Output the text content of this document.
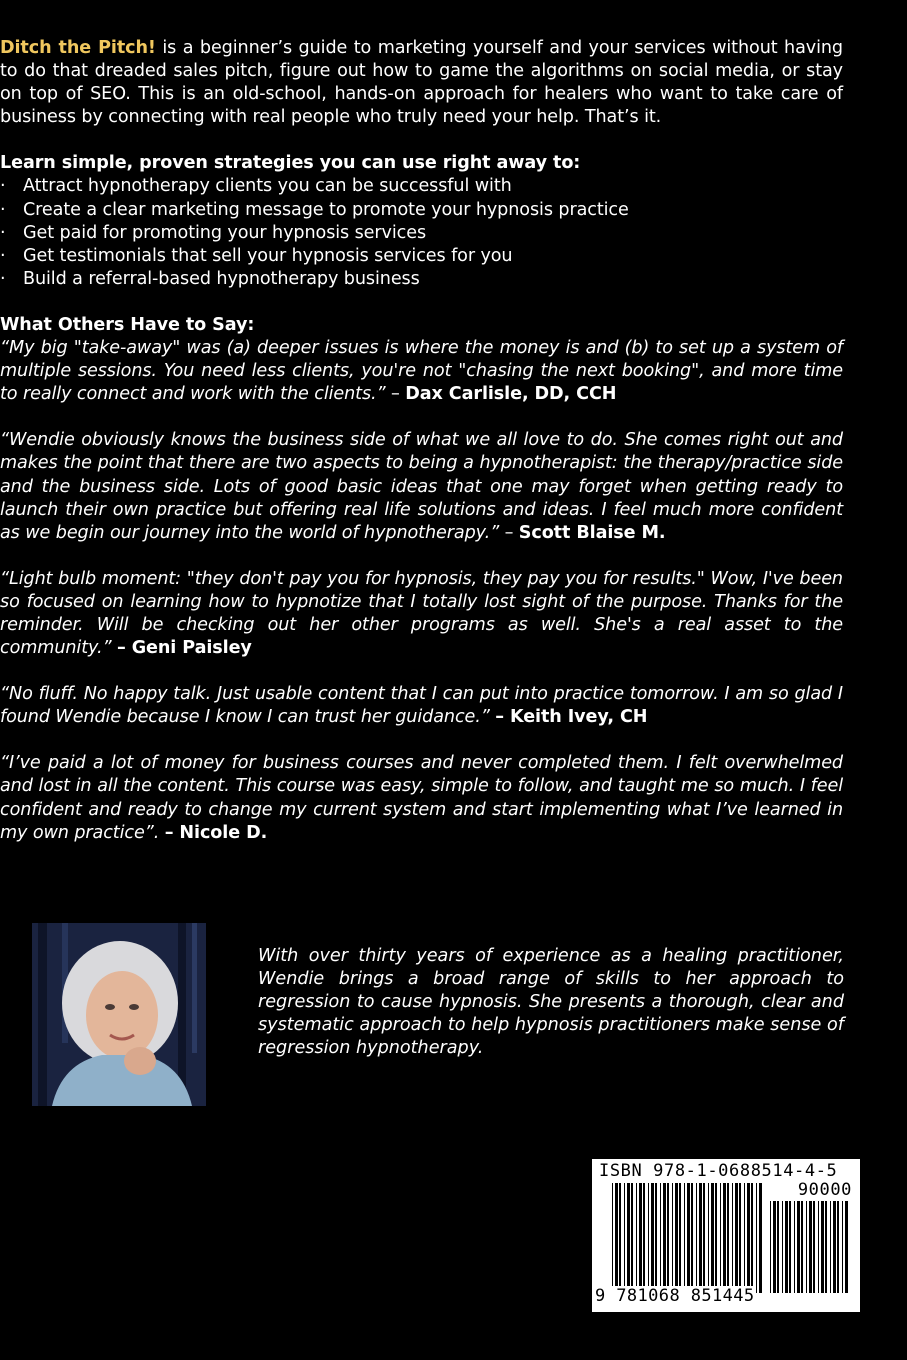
Ditch the Pitch! is a beginner’s guide to marketing yourself and your services without having to do that dreaded sales pitch, figure out how to game the algorithms on social media, or stay on top of SEO. This is an old-school, hands-on approach for healers who want to take care of business by connecting with real people who truly need your help. That’s it.

Learn simple, proven strategies you can use right away to:

· Attract hypnotherapy clients you can be successful with
· Create a clear marketing message to promote your hypnosis practice
· Get paid for promoting your hypnosis services
· Get testimonials that sell your hypnosis services for you
· Build a referral-based hypnotherapy business

What Others Have to Say:

“My big "take-away" was (a) deeper issues is where the money is and (b) to set up a system of multiple sessions. You need less clients, you're not "chasing the next booking", and more time to really connect and work with the clients.” – Dax Carlisle, DD, CCH

“Wendie obviously knows the business side of what we all love to do. She comes right out and makes the point that there are two aspects to being a hypnotherapist: the therapy/practice side and the business side. Lots of good basic ideas that one may forget when getting ready to launch their own practice but offering real life solutions and ideas. I feel much more confident as we begin our journey into the world of hypnotherapy.” – Scott Blaise M.

“Light bulb moment: "they don't pay you for hypnosis, they pay you for results." Wow, I've been so focused on learning how to hypnotize that I totally lost sight of the purpose. Thanks for the reminder. Will be checking out her other programs as well. She's a real asset to the community.” – Geni Paisley

“No fluff. No happy talk. Just usable content that I can put into practice tomorrow. I am so glad I found Wendie because I know I can trust her guidance.” – Keith Ivey, CH

“I’ve paid a lot of money for business courses and never completed them. I felt overwhelmed and lost in all the content. This course was easy, simple to follow, and taught me so much. I feel confident and ready to change my current system and start implementing what I’ve learned in my own practice”. – Nicole D.

With over thirty years of experience as a healing practitioner, Wendie brings a broad range of skills to her approach to regression to cause hypnosis. She presents a thorough, clear and systematic approach to help hypnosis practitioners make sense of regression hypnotherapy.

ISBN 978-1-0688514-4-5
90000
9 781068 851445
